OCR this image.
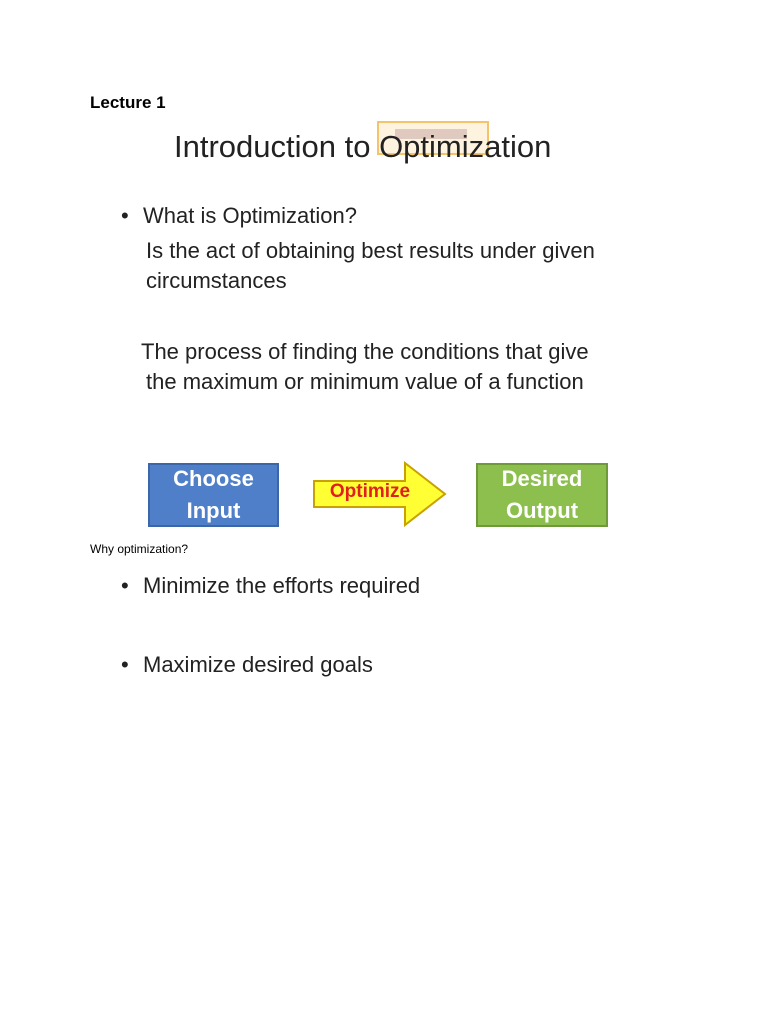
Lecture 1
Introduction to Optimization
• What is Optimization?
Is the act of obtaining best results under given
circumstances
The process of finding the conditions that give
the maximum or minimum value of a function
Choose
Input
Optimize
Desired
Output
Why optimization?
• Minimize the efforts required
• Maximize desired goals
